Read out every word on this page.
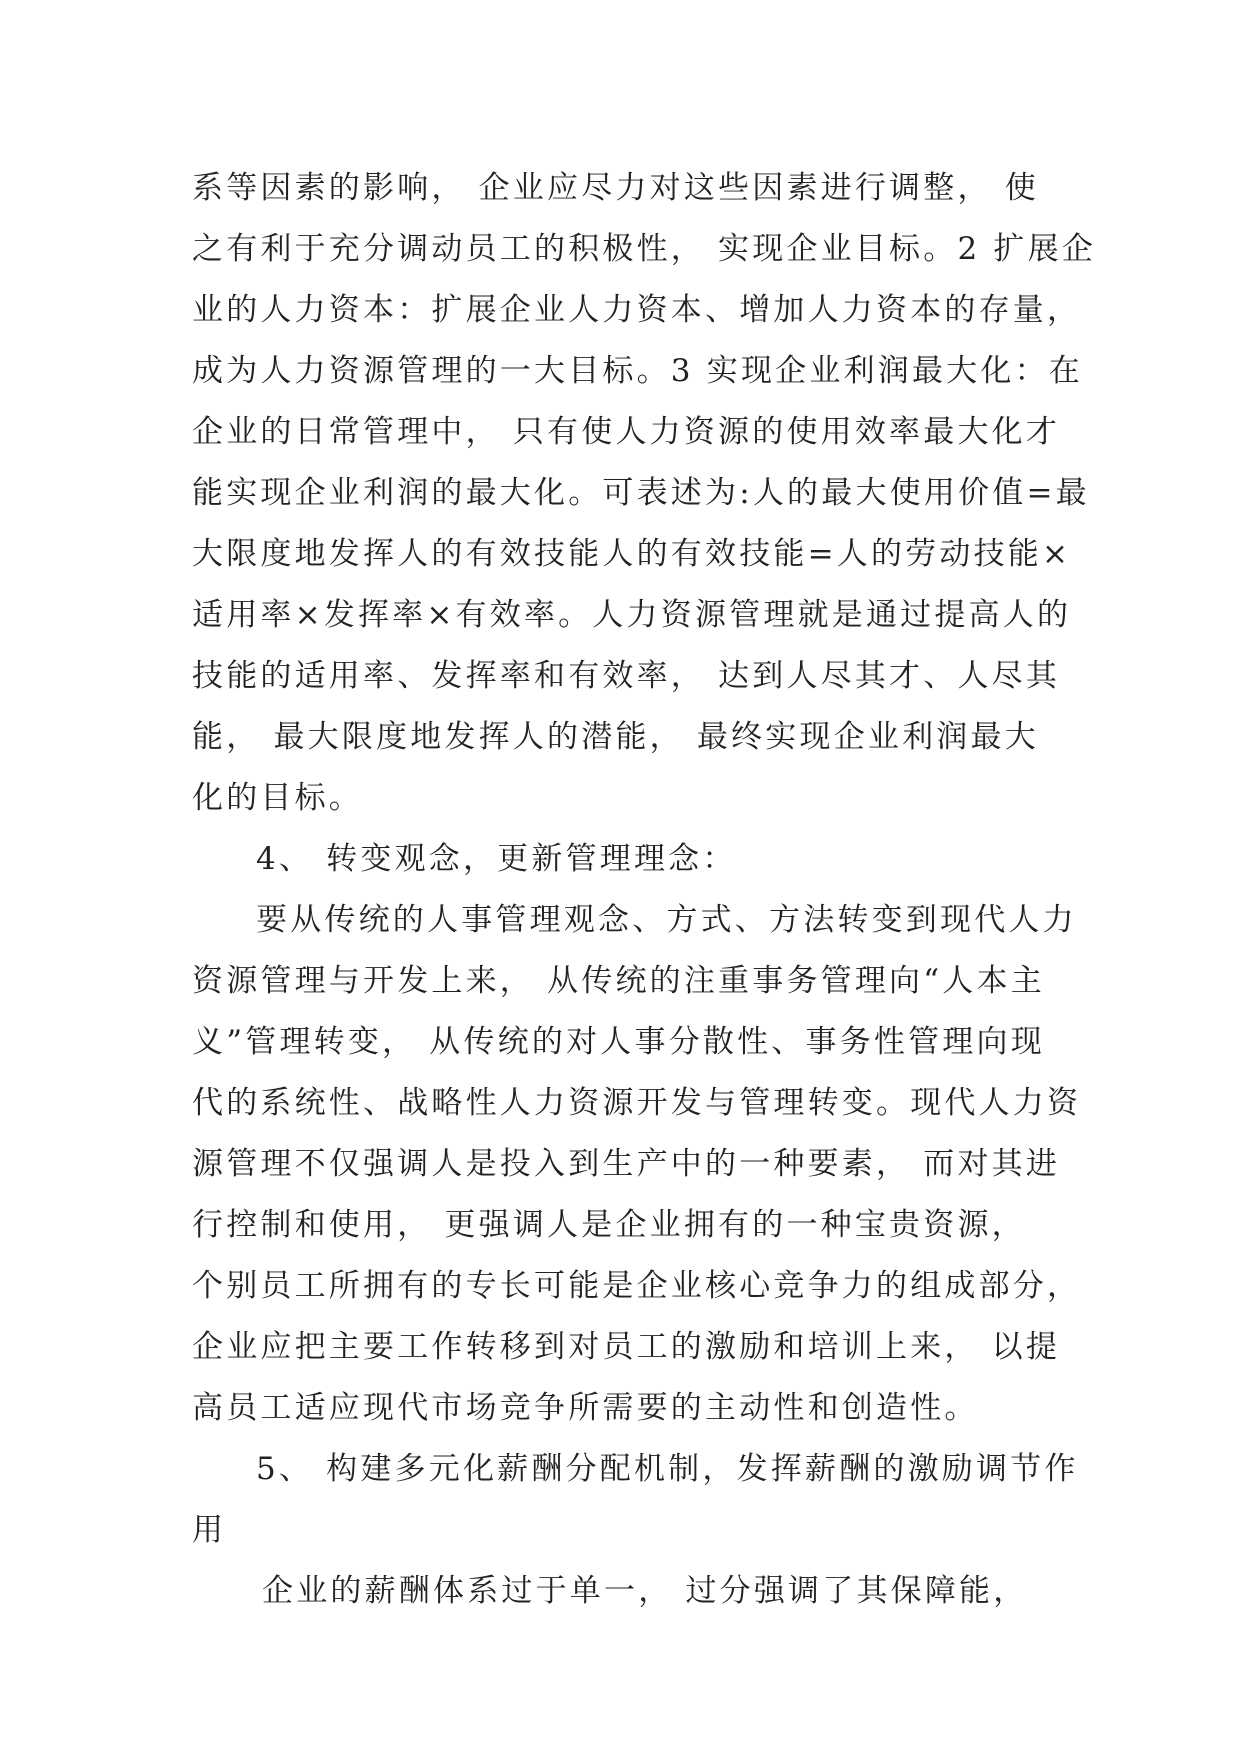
系等因素的影响， 企业应尽力对这些因素进行调整， 使
之有利于充分调动员工的积极性， 实现企业目标。2 扩展企
业的人力资本：扩展企业人力资本、增加人力资本的存量，
成为人力资源管理的一大目标。3 实现企业利润最大化：在
企业的日常管理中， 只有使人力资源的使用效率最大化才
能实现企业利润的最大化。可表述为:人的最大使用价值=最
大限度地发挥人的有效技能人的有效技能=人的劳动技能×
适用率×发挥率×有效率。人力资源管理就是通过提高人的
技能的适用率、发挥率和有效率， 达到人尽其才、人尽其
能， 最大限度地发挥人的潜能， 最终实现企业利润最大
化的目标。
4、 转变观念，更新管理理念：
要从传统的人事管理观念、方式、方法转变到现代人力
资源管理与开发上来， 从传统的注重事务管理向“人本主
义”管理转变， 从传统的对人事分散性、事务性管理向现
代的系统性、战略性人力资源开发与管理转变。现代人力资
源管理不仅强调人是投入到生产中的一种要素， 而对其进
行控制和使用， 更强调人是企业拥有的一种宝贵资源，
个别员工所拥有的专长可能是企业核心竞争力的组成部分，
企业应把主要工作转移到对员工的激励和培训上来， 以提
高员工适应现代市场竞争所需要的主动性和创造性。
5、 构建多元化薪酬分配机制，发挥薪酬的激励调节作
用
企业的薪酬体系过于单一， 过分强调了其保障能，
